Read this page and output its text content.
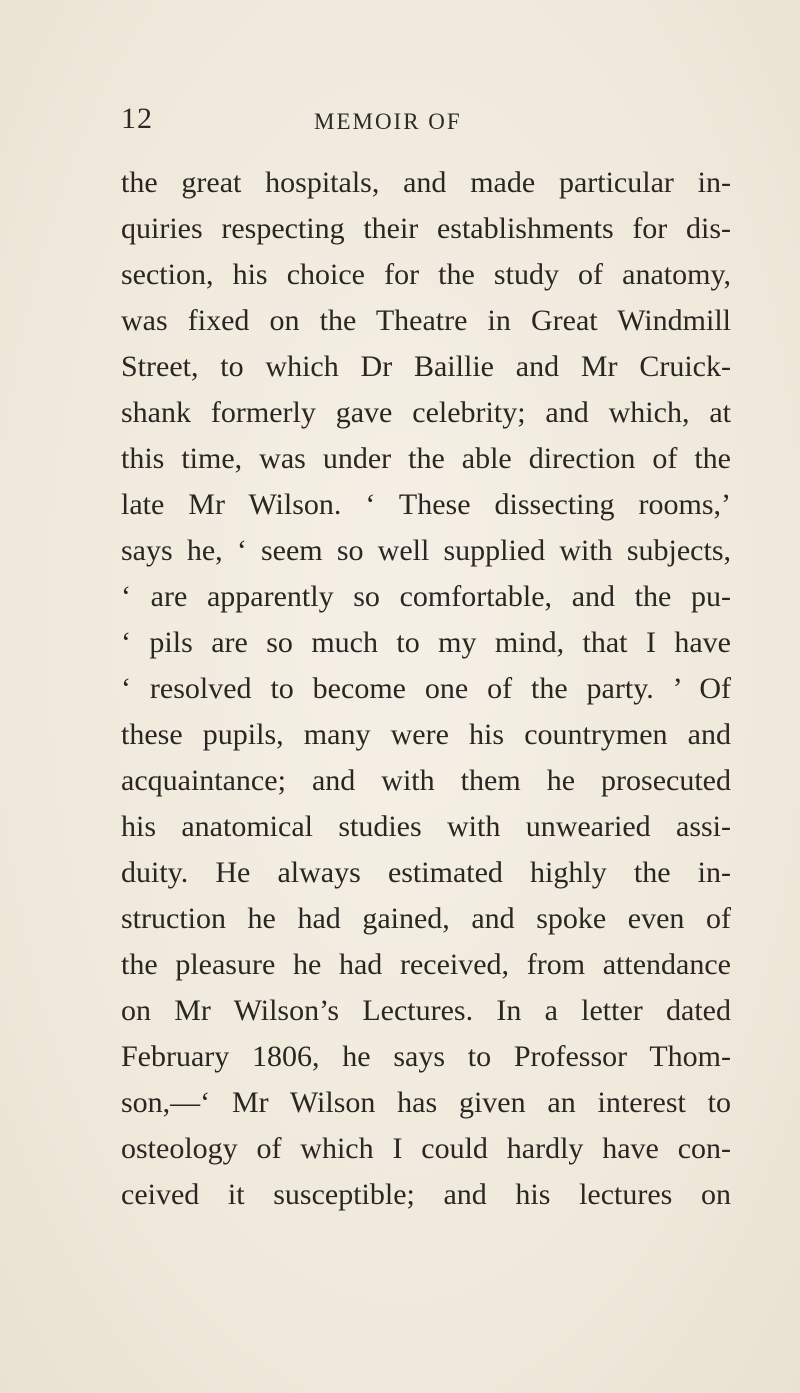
12	MEMOIR OF
the great hospitals, and made particular in-
quiries respecting their establishments for dis-
section, his choice for the study of anatomy,
was fixed on the Theatre in Great Windmill
Street, to which Dr Baillie and Mr Cruick-
shank formerly gave celebrity; and which, at
this time, was under the able direction of the
late Mr Wilson. ‘ These dissecting rooms,’
says he, ‘ seem so well supplied with subjects,
‘ are apparently so comfortable, and the pu-
‘ pils are so much to my mind, that I have
‘ resolved to become one of the party. ’ Of
these pupils, many were his countrymen and
acquaintance; and with them he prosecuted
his anatomical studies with unwearied assi-
duity. He always estimated highly the in-
struction he had gained, and spoke even of
the pleasure he had received, from attendance
on Mr Wilson’s Lectures. In a letter dated
February 1806, he says to Professor Thom-
son,—‘ Mr Wilson has given an interest to
osteology of which I could hardly have con-
ceived it susceptible; and his lectures on
